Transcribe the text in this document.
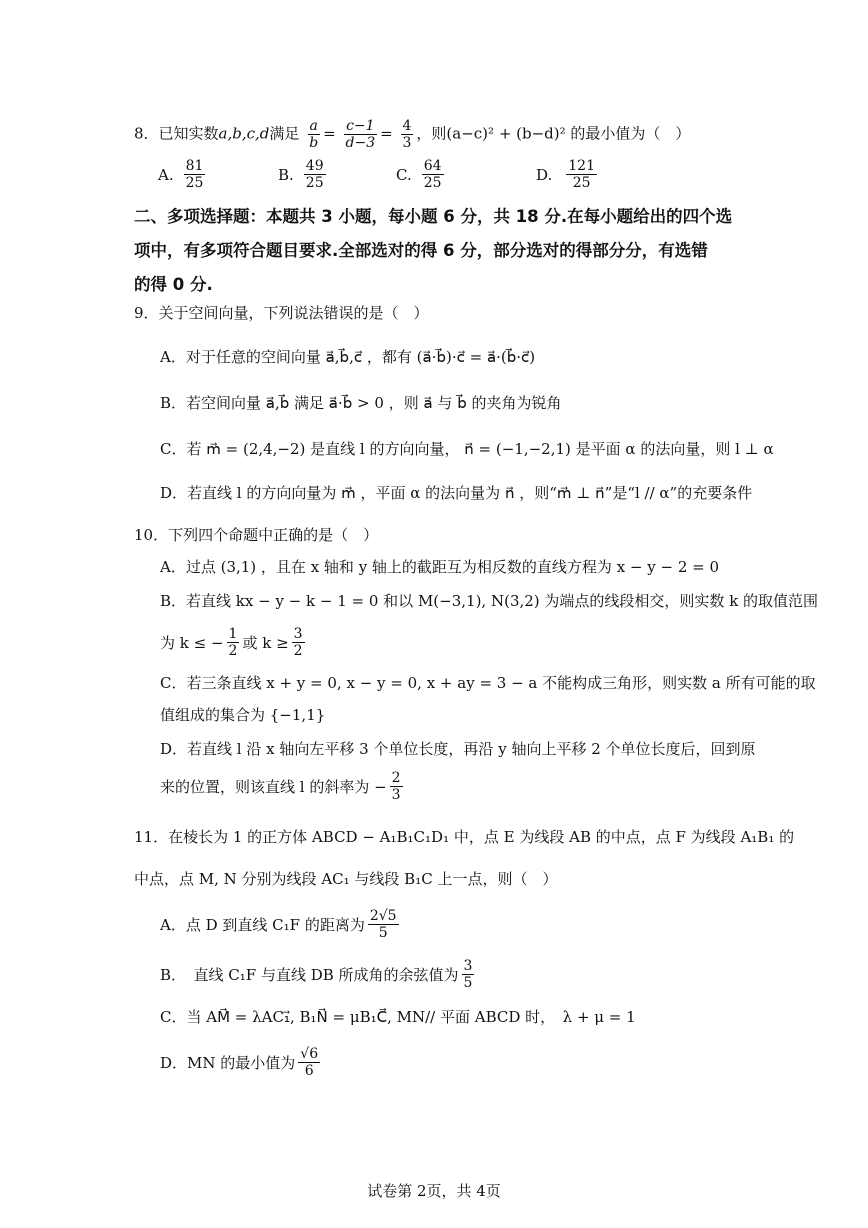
8．已知实数a,b,c,d满足 $\frac{a}{b} = \frac{c-1}{d-3} = \frac{4}{3}$ ，则(a−c)² + (b−d)² 的最小值为（　）
A. $\frac{81}{25}$	B. $\frac{49}{25}$	C. $\frac{64}{25}$	D. $\frac{121}{25}$
二、多项选择题：本题共 3 小题，每小题 6 分，共 18 分.在每小题给出的四个选
项中，有多项符合题目要求.全部选对的得 6 分，部分选对的得部分分，有选错
的得 0 分.
9．关于空间向量，下列说法错误的是（　）
A．对于任意的空间向量 a⃗,b⃗,c⃗ ，都有 (a⃗·b⃗)·c⃗ = a⃗·(b⃗·c⃗)
B．若空间向量 a⃗,b⃗ 满足 a⃗·b⃗ > 0 ，则 a⃗ 与 b⃗ 的夹角为锐角
C．若 m⃗ = (2,4,−2) 是直线 l 的方向向量， n⃗ = (−1,−2,1) 是平面 α 的法向量，则 l ⊥ α
D．若直线 l 的方向向量为 m⃗ ，平面 α 的法向量为 n⃗ ，则“m⃗ ⊥ n⃗”是“l // α”的充要条件
10．下列四个命题中正确的是（　）
A．过点 (3,1) ，且在 x 轴和 y 轴上的截距互为相反数的直线方程为 x − y − 2 = 0
B．若直线 kx − y − k − 1 = 0 和以 M(−3,1), N(3,2) 为端点的线段相交，则实数 k 的取值范围
为 k ≤ − $\frac{1}{2}$ 或 $k \ge \frac{3}{2}$
C．若三条直线 x + y = 0, x − y = 0, x + ay = 3 − a 不能构成三角形，则实数 a 所有可能的取
值组成的集合为 {−1,1}
D．若直线 l 沿 x 轴向左平移 3 个单位长度，再沿 y 轴向上平移 2 个单位长度后，回到原
来的位置，则该直线 l 的斜率为 − $\frac{2}{3}$
11．在棱长为 1 的正方体 ABCD − A₁B₁C₁D₁ 中，点 E 为线段 AB 的中点，点 F 为线段 A₁B₁ 的
中点，点 M, N 分别为线段 AC₁ 与线段 B₁C 上一点，则（　）
A．点 D 到直线 C₁F 的距离为 $\frac{2√5}{5}$
B．　直线 C₁F 与直线 DB 所成角的余弦值为 $\frac{3}{5}$
C．当 AM⃗ = λAC₁⃗, B₁N⃗ = μB₁C⃗, MN// 平面 ABCD 时，　λ + μ = 1
D．MN 的最小值为 $\frac{√6}{6}$
试卷第 2页，共 4页
